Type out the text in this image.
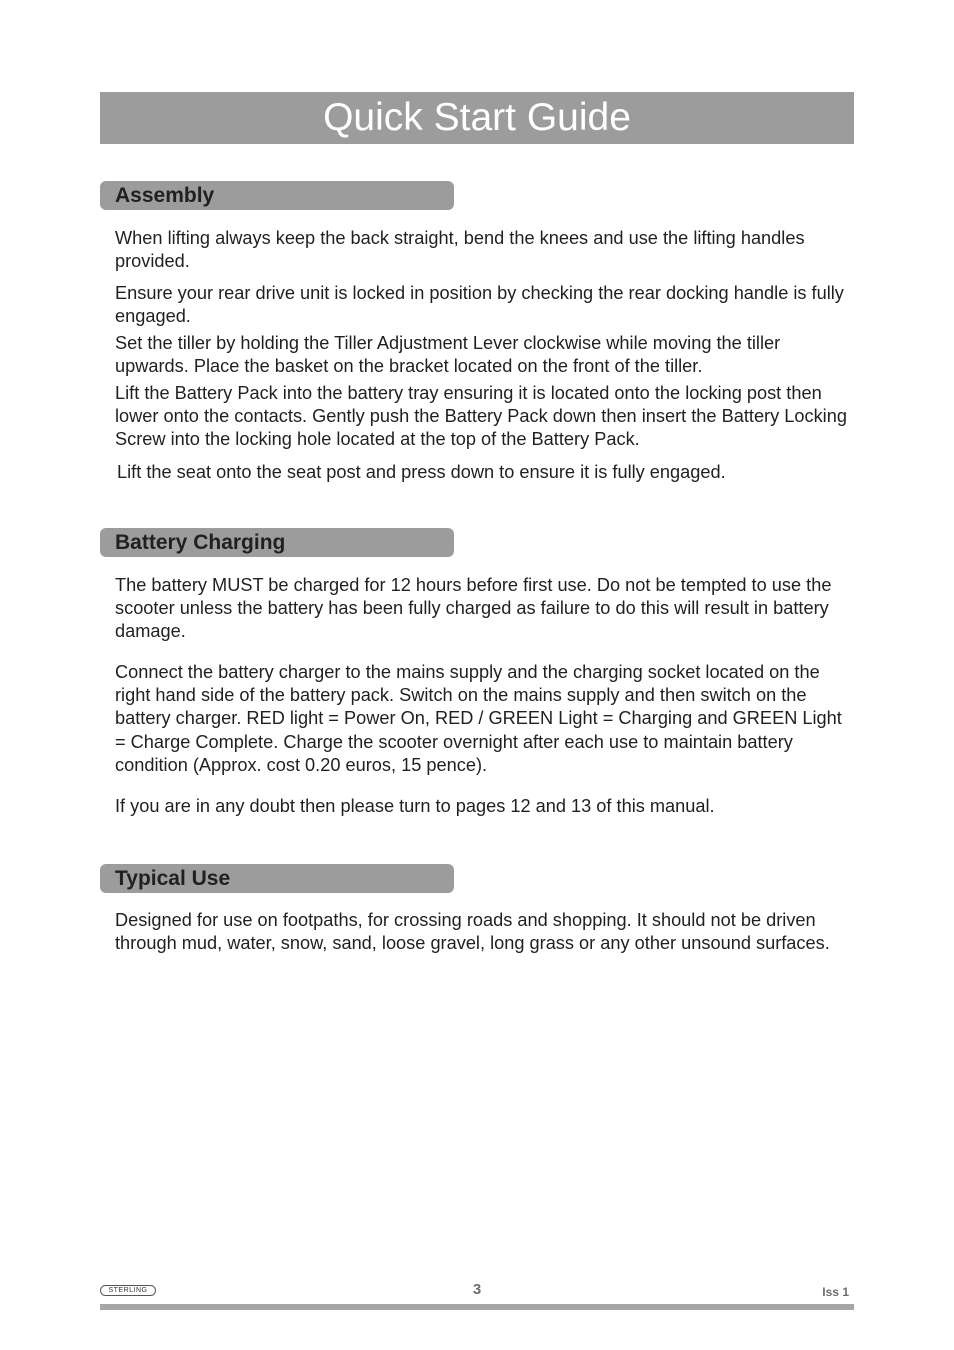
Quick Start Guide
Assembly

When lifting always keep the back straight, bend the knees and use the lifting handles provided.

Ensure your rear drive unit is locked in position by checking the rear docking handle is fully engaged.

Set the tiller by holding the Tiller Adjustment Lever clockwise while moving the tiller upwards. Place the basket on the bracket located on the front of the tiller.

Lift the Battery Pack into the battery tray ensuring it is located onto the locking post then lower onto the contacts. Gently push the Battery Pack down then insert the Battery Locking Screw into the locking hole located at the top of the Battery Pack.

Lift the seat onto the seat post and press down to ensure it is fully engaged.

Battery Charging

The battery MUST be charged for 12 hours before first use. Do not be tempted to use the scooter unless the battery has been fully charged as failure to do this will result in battery damage.

Connect the battery charger to the mains supply and the charging socket located on the right hand side of the battery pack. Switch on the mains supply and then switch on the battery charger. RED light = Power On, RED / GREEN Light = Charging and GREEN Light = Charge Complete. Charge the scooter overnight after each use to maintain battery condition (Approx. cost 0.20 euros, 15 pence).

If you are in any doubt then please turn to pages 12 and 13 of this manual.

Typical Use

Designed for use on footpaths, for crossing roads and shopping. It should not be driven through mud, water, snow, sand, loose gravel, long grass or any other unsound surfaces.

STERLING	3	Iss 1
